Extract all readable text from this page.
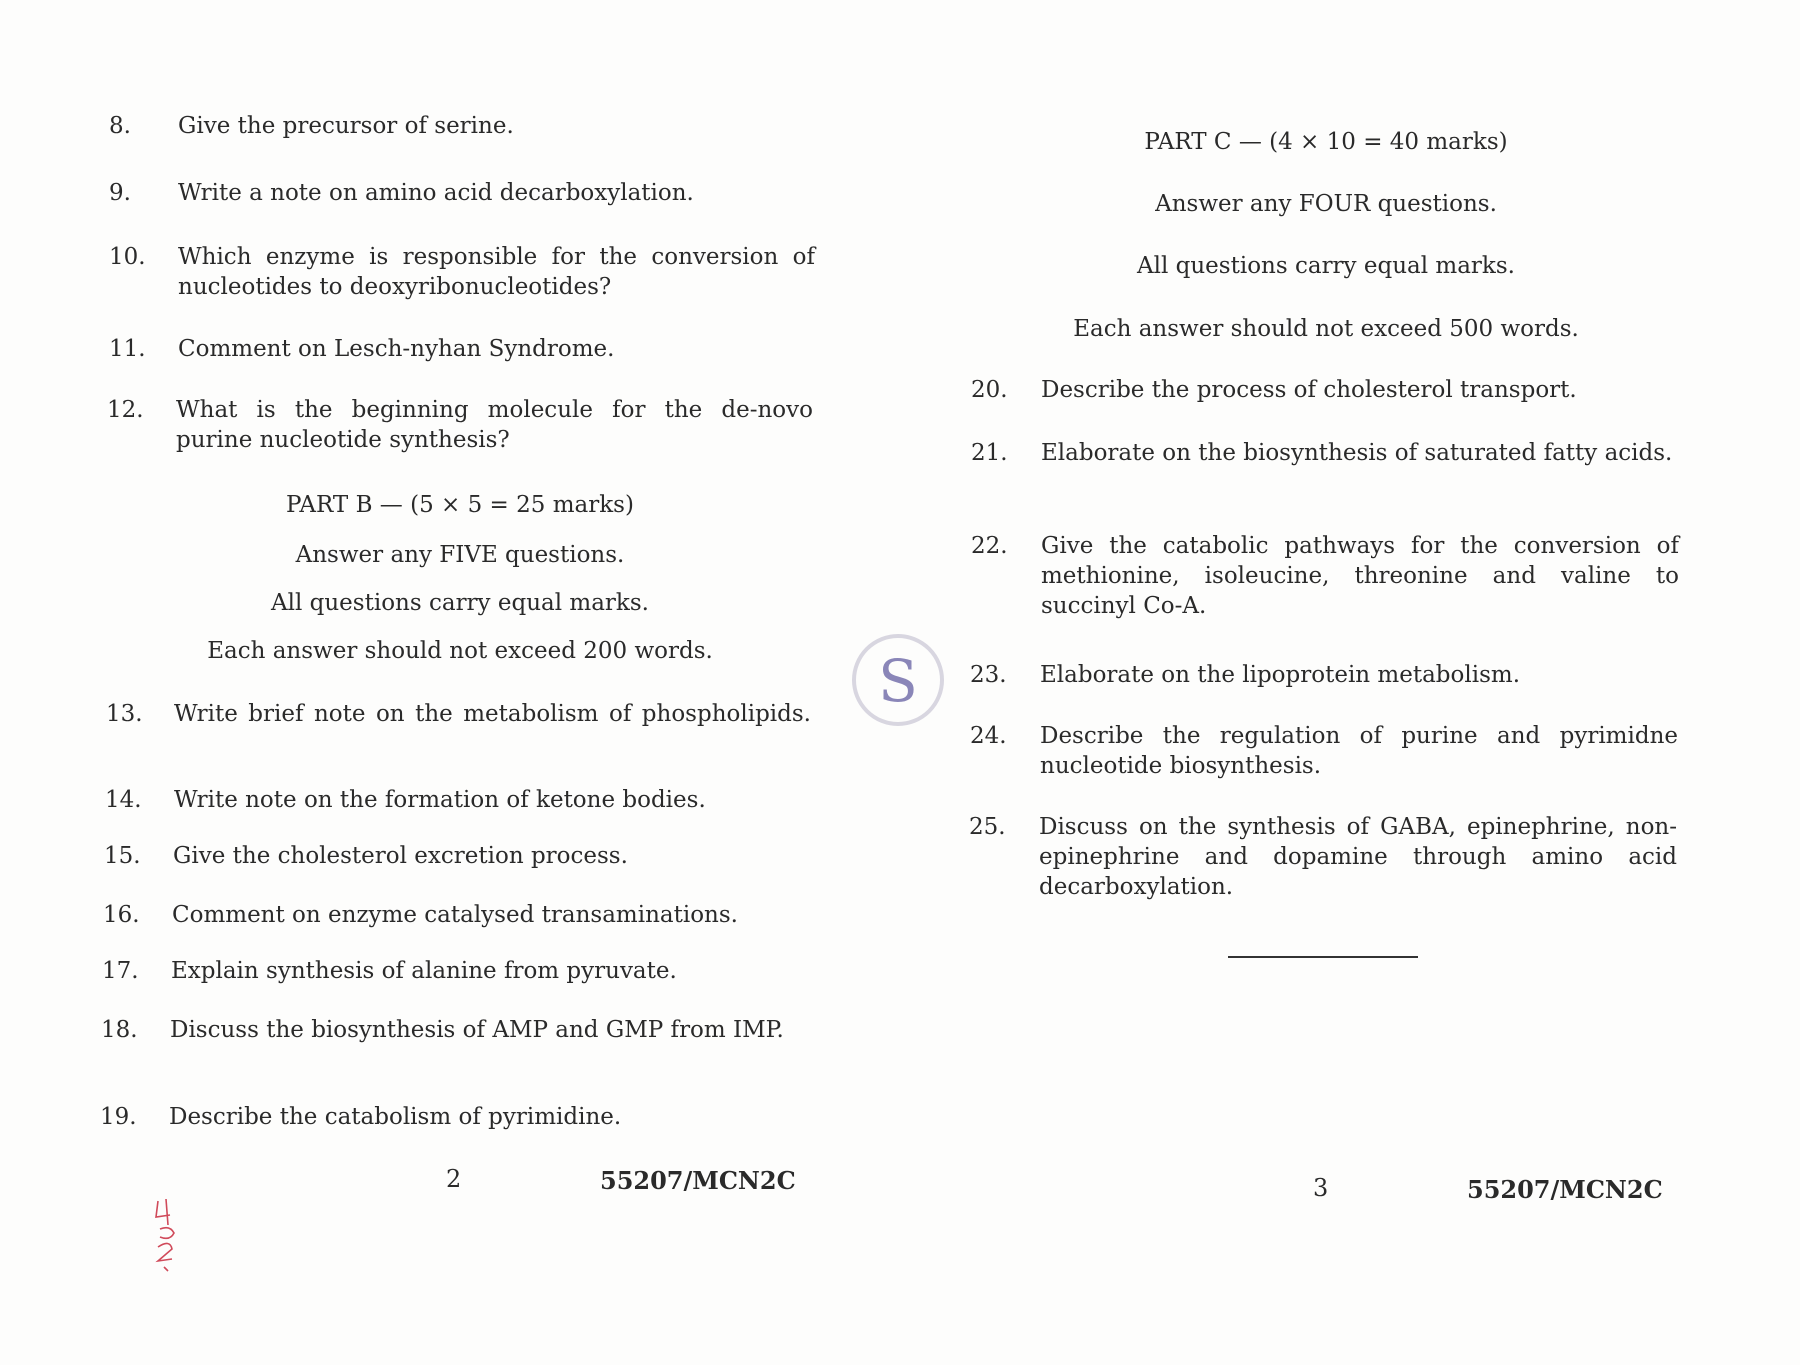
8. Give the precursor of serine.
9. Write a note on amino acid decarboxylation.
10. Which enzyme is responsible for the conversion of nucleotides to deoxyribonucleotides?
11. Comment on Lesch-nyhan Syndrome.
12. What is the beginning molecule for the de-novo purine nucleotide synthesis?
PART B — (5 × 5 = 25 marks)
Answer any FIVE questions.
All questions carry equal marks.
Each answer should not exceed 200 words.
13. Write brief note on the metabolism of phospholipids.
14. Write note on the formation of ketone bodies.
15. Give the cholesterol excretion process.
16. Comment on enzyme catalysed transaminations.
17. Explain synthesis of alanine from pyruvate.
18. Discuss the biosynthesis of AMP and GMP from IMP.
19. Describe the catabolism of pyrimidine.
2	55207/MCN2C
S
PART C — (4 × 10 = 40 marks)
Answer any FOUR questions.
All questions carry equal marks.
Each answer should not exceed 500 words.
20. Describe the process of cholesterol transport.
21. Elaborate on the biosynthesis of saturated fatty acids.
22. Give the catabolic pathways for the conversion of methionine, isoleucine, threonine and valine to succinyl Co-A.
23. Elaborate on the lipoprotein metabolism.
24. Describe the regulation of purine and pyrimidne nucleotide biosynthesis.
25. Discuss on the synthesis of GABA, epinephrine, non-epinephrine and dopamine through amino acid decarboxylation.
3	55207/MCN2C
